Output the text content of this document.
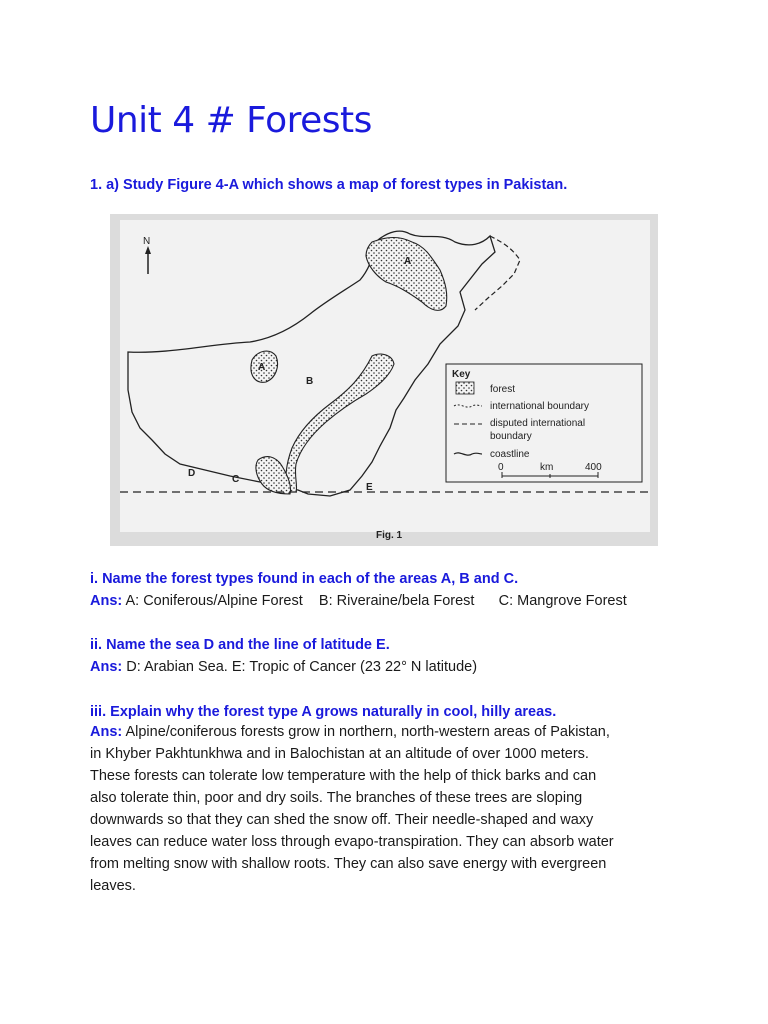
Unit 4 # Forests
1. a) Study Figure 4-A which shows a map of forest types in Pakistan.
N
A
A
B
C
D
E
Key
forest
international boundary
disputed international
boundary
coastline
0	km	400
Fig. 1
i. Name the forest types found in each of the areas A, B and C.
Ans: A: Coniferous/Alpine Forest B: Riveraine/bela Forest C: Mangrove Forest
ii. Name the sea D and the line of latitude E.
Ans: D: Arabian Sea. E: Tropic of Cancer (23 22° N latitude)
iii. Explain why the forest type A grows naturally in cool, hilly areas.
Ans: Alpine/coniferous forests grow in northern, north-western areas of Pakistan,
in Khyber Pakhtunkhwa and in Balochistan at an altitude of over 1000 meters.
These forests can tolerate low temperature with the help of thick barks and can
also tolerate thin, poor and dry soils. The branches of these trees are sloping
downwards so that they can shed the snow off. Their needle-shaped and waxy
leaves can reduce water loss through evapo-transpiration. They can absorb water
from melting snow with shallow roots. They can also save energy with evergreen
leaves.
